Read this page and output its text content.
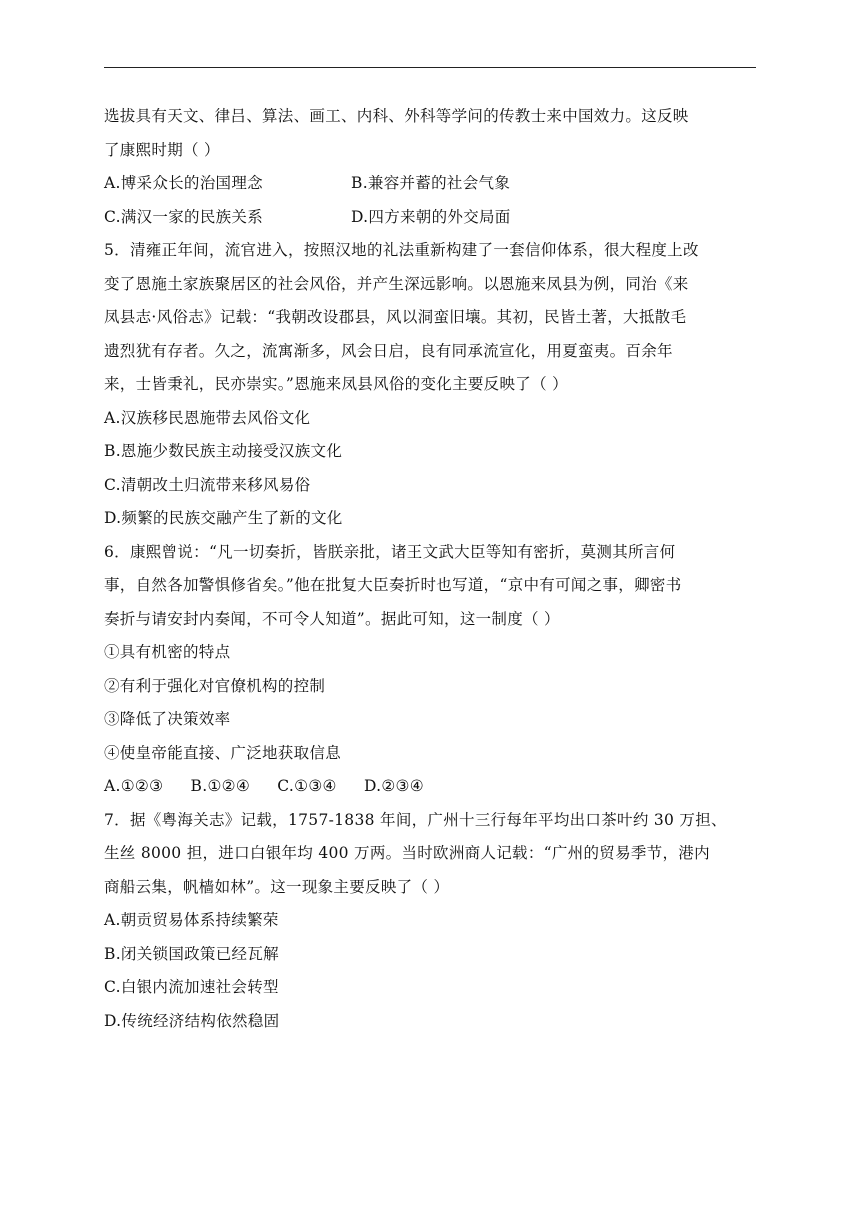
选拔具有天文、律吕、算法、画工、内科、外科等学问的传教士来中国效力。这反映
了康熙时期（ ）
A.博采众长的治国理念	B.兼容并蓄的社会气象
C.满汉一家的民族关系	D.四方来朝的外交局面
5．清雍正年间，流官进入，按照汉地的礼法重新构建了一套信仰体系，很大程度上改
变了恩施土家族聚居区的社会风俗，并产生深远影响。以恩施来凤县为例，同治《来
凤县志·风俗志》记载：“我朝改设郡县，风以洞蛮旧壤。其初，民皆土著，大抵散毛
遗烈犹有存者。久之，流寓渐多，风会日启，良有同承流宣化，用夏蛮夷。百余年
来，士皆秉礼，民亦崇实。”恩施来凤县风俗的变化主要反映了（ ）
A.汉族移民恩施带去风俗文化
B.恩施少数民族主动接受汉族文化
C.清朝改土归流带来移风易俗
D.频繁的民族交融产生了新的文化
6．康熙曾说：“凡一切奏折，皆朕亲批，诸王文武大臣等知有密折，莫测其所言何
事，自然各加警惧修省矣。”他在批复大臣奏折时也写道，“京中有可闻之事，卿密书
奏折与请安封内奏闻，不可令人知道”。据此可知，这一制度（ ）
①具有机密的特点
②有利于强化对官僚机构的控制
③降低了决策效率
④使皇帝能直接、广泛地获取信息
A.①②③ B.①②④ C.①③④ D.②③④
7．据《粤海关志》记载，1757-1838 年间，广州十三行每年平均出口茶叶约 30 万担、
生丝 8000 担，进口白银年均 400 万两。当时欧洲商人记载：“广州的贸易季节，港内
商船云集，帆樯如林”。这一现象主要反映了（ ）
A.朝贡贸易体系持续繁荣
B.闭关锁国政策已经瓦解
C.白银内流加速社会转型
D.传统经济结构依然稳固
